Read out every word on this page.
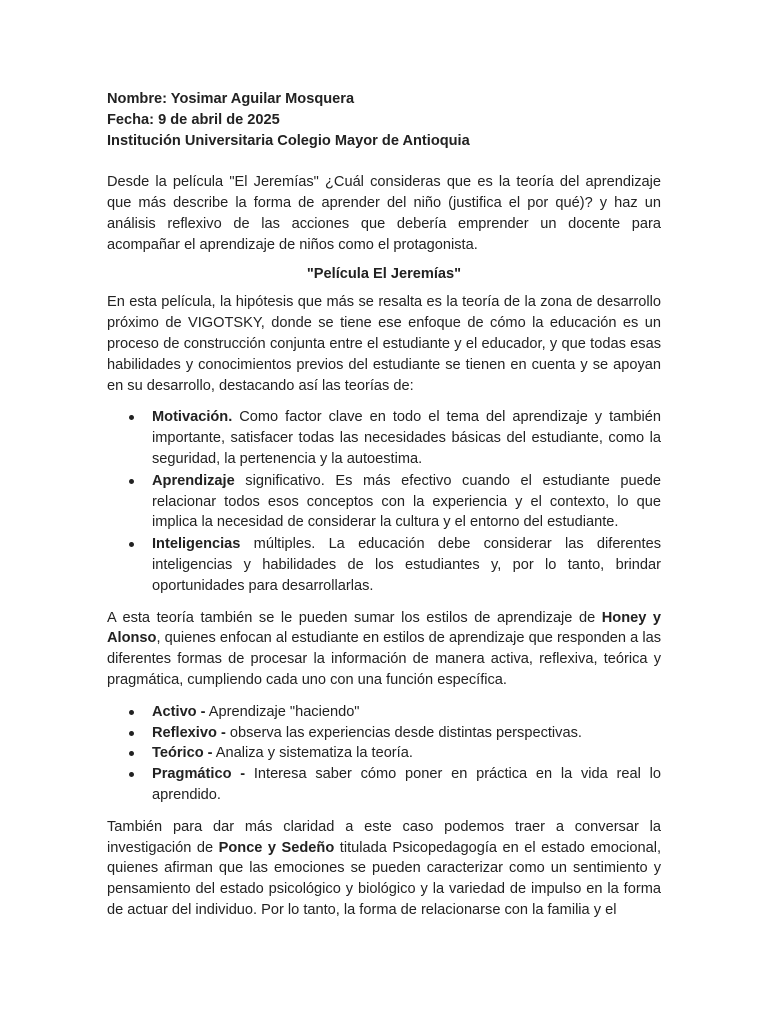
Nombre: Yosimar Aguilar Mosquera
Fecha: 9 de abril de 2025
Institución Universitaria Colegio Mayor de Antioquia

Desde la película "El Jeremías" ¿Cuál consideras que es la teoría del aprendizaje que más describe la forma de aprender del niño (justifica el por qué)? y haz un análisis reflexivo de las acciones que debería emprender un docente para acompañar el aprendizaje de niños como el protagonista.

"Película El Jeremías"

En esta película, la hipótesis que más se resalta es la teoría de la zona de desarrollo próximo de VIGOTSKY, donde se tiene ese enfoque de cómo la educación es un proceso de construcción conjunta entre el estudiante y el educador, y que todas esas habilidades y conocimientos previos del estudiante se tienen en cuenta y se apoyan en su desarrollo, destacando así las teorías de:

Motivación. Como factor clave en todo el tema del aprendizaje y también importante, satisfacer todas las necesidades básicas del estudiante, como la seguridad, la pertenencia y la autoestima.
Aprendizaje significativo. Es más efectivo cuando el estudiante puede relacionar todos esos conceptos con la experiencia y el contexto, lo que implica la necesidad de considerar la cultura y el entorno del estudiante.
Inteligencias múltiples. La educación debe considerar las diferentes inteligencias y habilidades de los estudiantes y, por lo tanto, brindar oportunidades para desarrollarlas.

A esta teoría también se le pueden sumar los estilos de aprendizaje de Honey y Alonso, quienes enfocan al estudiante en estilos de aprendizaje que responden a las diferentes formas de procesar la información de manera activa, reflexiva, teórica y pragmática, cumpliendo cada uno con una función específica.

Activo - Aprendizaje "haciendo"
Reflexivo - observa las experiencias desde distintas perspectivas.
Teórico - Analiza y sistematiza la teoría.
Pragmático - Interesa saber cómo poner en práctica en la vida real lo aprendido.

También para dar más claridad a este caso podemos traer a conversar la investigación de Ponce y Sedeño titulada Psicopedagogía en el estado emocional, quienes afirman que las emociones se pueden caracterizar como un sentimiento y pensamiento del estado psicológico y biológico y la variedad de impulso en la forma de actuar del individuo. Por lo tanto, la forma de relacionarse con la familia y el
